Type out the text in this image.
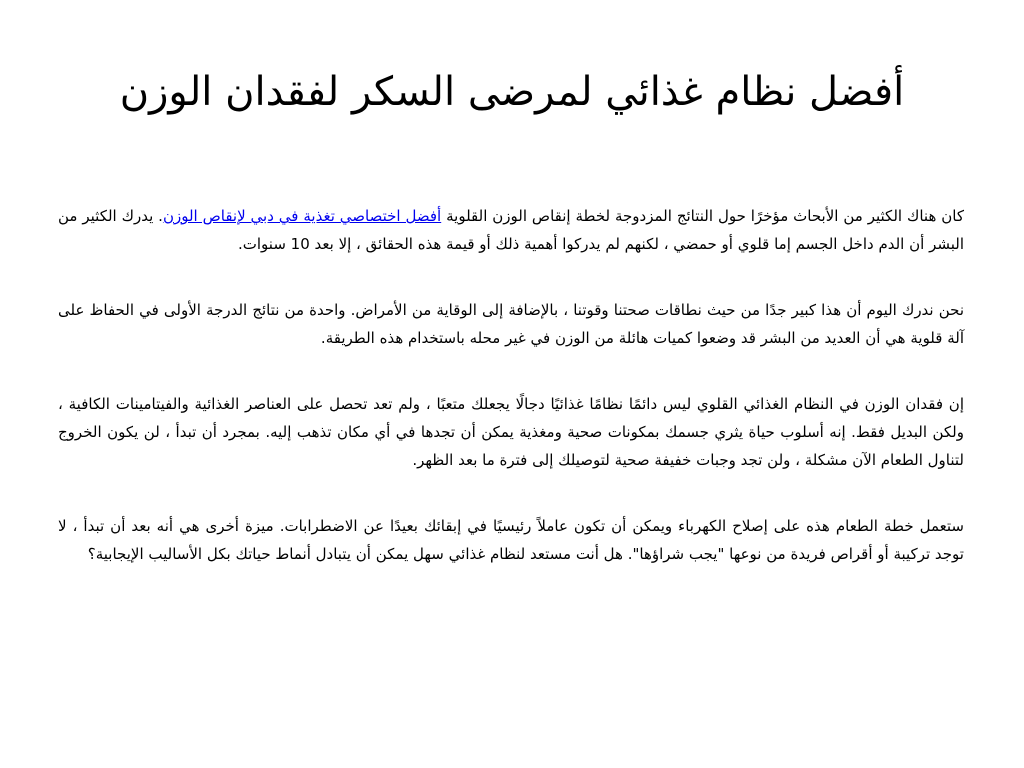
أفضل نظام غذائي لمرضى السكر لفقدان الوزن

كان هناك الكثير من الأبحاث مؤخرًا حول النتائج المزدوجة لخطة إنقاص الوزن القلوية أفضل اختصاصي تغذية في دبي لإنقاص الوزن. يدرك الكثير من البشر أن الدم داخل الجسم إما قلوي أو حمضي ، لكنهم لم يدركوا أهمية ذلك أو قيمة هذه الحقائق ، إلا بعد 10 سنوات.

نحن ندرك اليوم أن هذا كبير جدًا من حيث نطاقات صحتنا وقوتنا ، بالإضافة إلى الوقاية من الأمراض. واحدة من نتائج الدرجة الأولى في الحفاظ على آلة قلوية هي أن العديد من البشر قد وضعوا كميات هائلة من الوزن في غير محله باستخدام هذه الطريقة.

إن فقدان الوزن في النظام الغذائي القلوي ليس دائمًا نظامًا غذائيًا دجالًا يجعلك متعبًا ، ولم تعد تحصل على العناصر الغذائية والفيتامينات الكافية ، ولكن البديل فقط. إنه أسلوب حياة يثري جسمك بمكونات صحية ومغذية يمكن أن تجدها في أي مكان تذهب إليه. بمجرد أن تبدأ ، لن يكون الخروج لتناول الطعام الآن مشكلة ، ولن تجد وجبات خفيفة صحية لتوصيلك إلى فترة ما بعد الظهر.

ستعمل خطة الطعام هذه على إصلاح الكهرباء ويمكن أن تكون عاملاً رئيسيًا في إبقائك بعيدًا عن الاضطرابات. ميزة أخرى هي أنه بعد أن تبدأ ، لا توجد تركيبة أو أقراص فريدة من نوعها "يجب شراؤها". هل أنت مستعد لنظام غذائي سهل يمكن أن يتبادل أنماط حياتك بكل الأساليب الإيجابية؟
